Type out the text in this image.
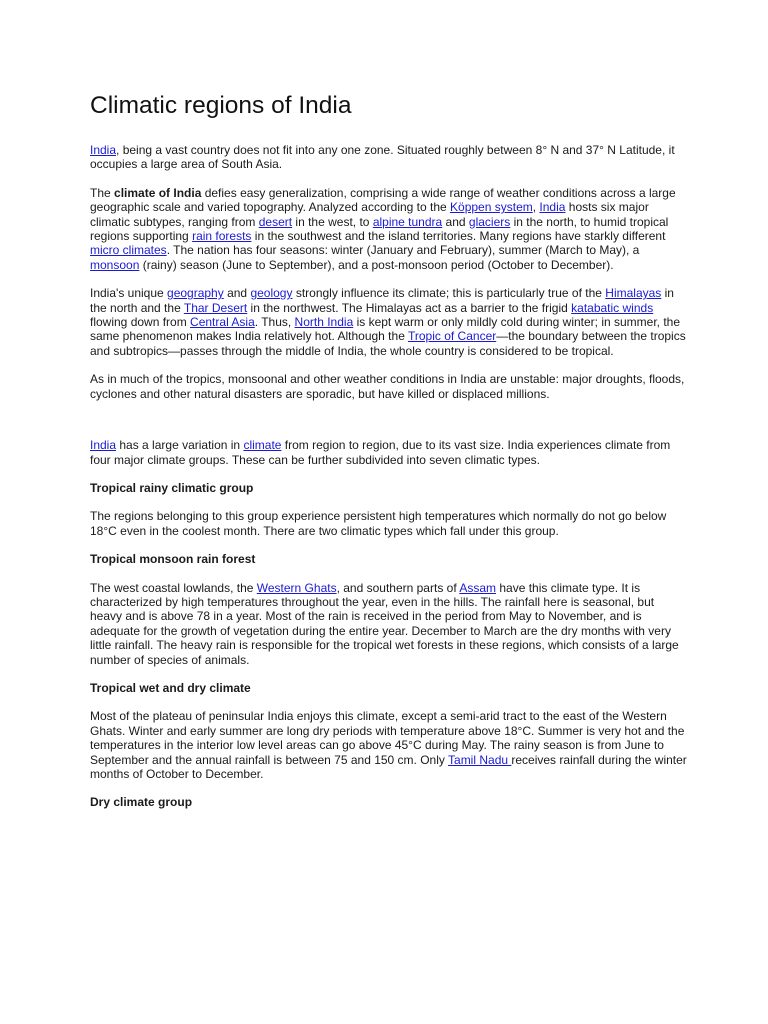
Climatic regions of India

India, being a vast country does not fit into any one zone. Situated roughly between 8° N and 37° N Latitude, it occupies a large area of South Asia.

The climate of India defies easy generalization, comprising a wide range of weather conditions across a large geographic scale and varied topography. Analyzed according to the Köppen system, India hosts six major climatic subtypes, ranging from desert in the west, to alpine tundra and glaciers in the north, to humid tropical regions supporting rain forests in the southwest and the island territories. Many regions have starkly different micro climates. The nation has four seasons: winter (January and February), summer (March to May), a monsoon (rainy) season (June to September), and a post-monsoon period (October to December).

India's unique geography and geology strongly influence its climate; this is particularly true of the Himalayas in the north and the Thar Desert in the northwest. The Himalayas act as a barrier to the frigid katabatic winds flowing down from Central Asia. Thus, North India is kept warm or only mildly cold during winter; in summer, the same phenomenon makes India relatively hot. Although the Tropic of Cancer—the boundary between the tropics and subtropics—passes through the middle of India, the whole country is considered to be tropical.

As in much of the tropics, monsoonal and other weather conditions in India are unstable: major droughts, floods, cyclones and other natural disasters are sporadic, but have killed or displaced millions.

India has a large variation in climate from region to region, due to its vast size. India experiences climate from four major climate groups. These can be further subdivided into seven climatic types.

Tropical rainy climatic group

The regions belonging to this group experience persistent high temperatures which normally do not go below 18°C even in the coolest month. There are two climatic types which fall under this group.

Tropical monsoon rain forest

The west coastal lowlands, the Western Ghats, and southern parts of Assam have this climate type. It is characterized by high temperatures throughout the year, even in the hills. The rainfall here is seasonal, but heavy and is above 78 in a year. Most of the rain is received in the period from May to November, and is adequate for the growth of vegetation during the entire year. December to March are the dry months with very little rainfall. The heavy rain is responsible for the tropical wet forests in these regions, which consists of a large number of species of animals.

Tropical wet and dry climate

Most of the plateau of peninsular India enjoys this climate, except a semi-arid tract to the east of the Western Ghats. Winter and early summer are long dry periods with temperature above 18°C. Summer is very hot and the temperatures in the interior low level areas can go above 45°C during May. The rainy season is from June to September and the annual rainfall is between 75 and 150 cm. Only Tamil Nadu receives rainfall during the winter months of October to December.

Dry climate group
